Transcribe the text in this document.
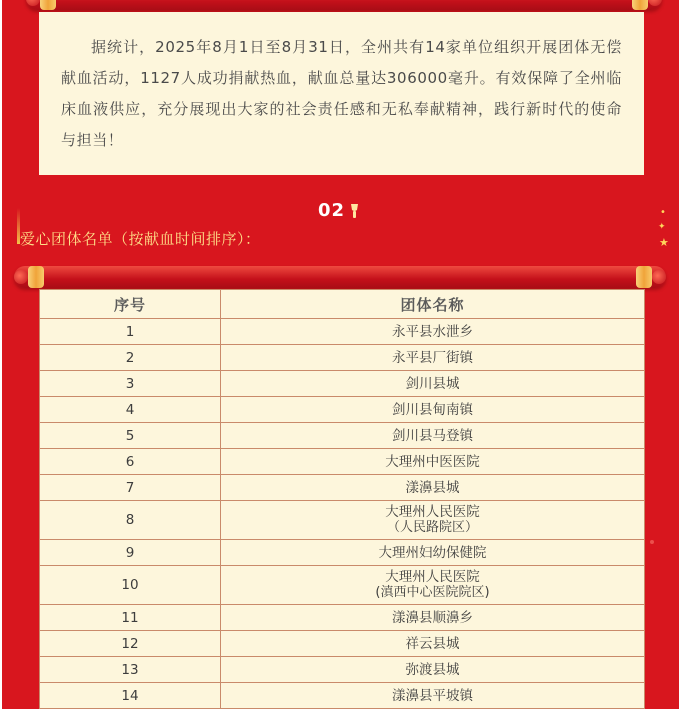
据统计，2025年8月1日至8月31日，全州共有14家单位组织开展团体无偿献血活动，1127人成功捐献热血，献血总量达306000毫升。有效保障了全州临床血液供应，充分展现出大家的社会责任感和无私奉献精神，践行新时代的使命与担当！

•
✦
★
02
爱心团体名单（按献血时间排序）：
序号	团体名称
1	永平县水泄乡
2	永平县厂街镇
3	剑川县城
4	剑川县甸南镇
5	剑川县马登镇
6	大理州中医医院
7	漾濞县城
8	大理州人民医院
（人民路院区）

9	大理州妇幼保健院
10	大理州人民医院
(滇西中心医院院区)

11	漾濞县顺濞乡
12	祥云县城
13	弥渡县城
14	漾濞县平坡镇
